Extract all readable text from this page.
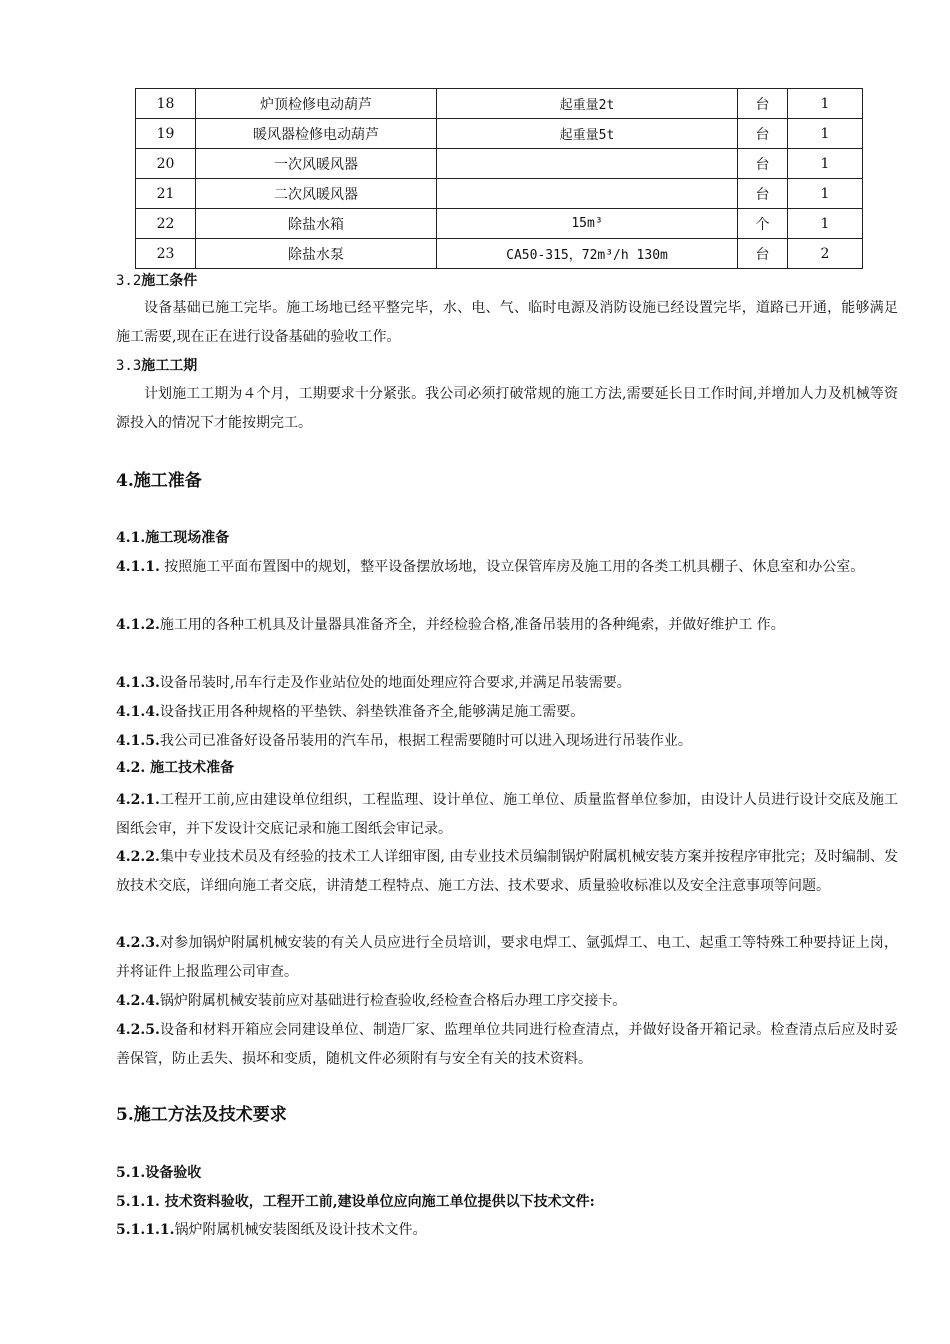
18	炉顶检修电动葫芦	起重量2t	台	1
19	暖风器检修电动葫芦	起重量5t	台	1
20	一次风暖风器		台	1
21	二次风暖风器		台	1
22	除盐水箱	15m³	个	1
23	除盐水泵	CA50-315，72m³/h 130m	台	2
3.2施工条件
设备基础已施工完毕。施工场地已经平整完毕，水、电、气、临时电源及消防设施已经设置完毕，道路已开通，能够满足施工需要,现在正在进行设备基础的验收工作。
3.3施工工期
计划施工工期为４个月，工期要求十分紧张。我公司必须打破常规的施工方法,需要延长日工作时间,并增加人力及机械等资源投入的情况下才能按期完工。
4.施工准备
4.1.施工现场准备
4.1.1. 按照施工平面布置图中的规划，整平设备摆放场地，设立保管库房及施工用的各类工机具棚子、休息室和办公室。
4.1.2.施工用的各种工机具及计量器具准备齐全，并经检验合格,准备吊装用的各种绳索，并做好维护工 作。
4.1.3.设备吊装时,吊车行走及作业站位处的地面处理应符合要求,并满足吊装需要。
4.1.4.设备找正用各种规格的平垫铁、斜垫铁准备齐全,能够满足施工需要。
4.1.5.我公司已准备好设备吊装用的汽车吊，根据工程需要随时可以进入现场进行吊装作业。
4.2. 施工技术准备
4.2.1.工程开工前,应由建设单位组织，工程监理、设计单位、施工单位、质量监督单位参加，由设计人员进行设计交底及施工图纸会审，并下发设计交底记录和施工图纸会审记录。
4.2.2.集中专业技术员及有经验的技术工人详细审图, 由专业技术员编制锅炉附属机械安装方案并按程序审批完；及时编制、发放技术交底，详细向施工者交底，讲清楚工程特点、施工方法、技术要求、质量验收标准以及安全注意事项等问题。
4.2.3.对参加锅炉附属机械安装的有关人员应进行全员培训，要求电焊工、氩弧焊工、电工、起重工等特殊工种要持证上岗，并将证件上报监理公司审查。
4.2.4.锅炉附属机械安装前应对基础进行检查验收,经检查合格后办理工序交接卡。
4.2.5.设备和材料开箱应会同建设单位、制造厂家、监理单位共同进行检查清点，并做好设备开箱记录。检查清点后应及时妥善保管，防止丢失、损坏和变质，随机文件必须附有与安全有关的技术资料。
5.施工方法及技术要求
5.1.设备验收
5.1.1. 技术资料验收，工程开工前,建设单位应向施工单位提供以下技术文件:
5.1.1.1.锅炉附属机械安装图纸及设计技术文件。
